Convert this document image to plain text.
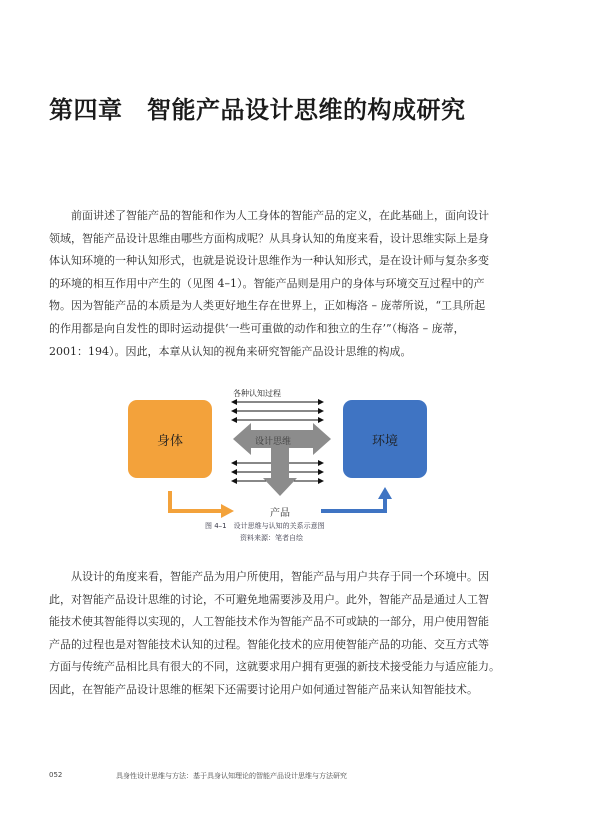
第四章　智能产品设计思维的构成研究
前面讲述了智能产品的智能和作为人工身体的智能产品的定义，在此基础上，面向设计
领域，智能产品设计思维由哪些方面构成呢？从具身认知的角度来看，设计思维实际上是身
体认知环境的一种认知形式，也就是说设计思维作为一种认知形式，是在设计师与复杂多变
的环境的相互作用中产生的（见图 4–1）。智能产品则是用户的身体与环境交互过程中的产
物。因为智能产品的本质是为人类更好地生存在世界上，正如梅洛 – 庞蒂所说，“工具所起
的作用都是向自发性的即时运动提供‘一些可重做的动作和独立的生存’”（梅洛 – 庞蒂，
2001：194）。因此，本章从认知的视角来研究智能产品设计思维的构成。
身体	环境
各种认知过程
设计思维
产品
图 4–1　设计思维与认知的关系示意图
资料来源：笔者自绘
从设计的角度来看，智能产品为用户所使用，智能产品与用户共存于同一个环境中。因
此，对智能产品设计思维的讨论，不可避免地需要涉及用户。此外，智能产品是通过人工智
能技术使其智能得以实现的，人工智能技术作为智能产品不可或缺的一部分，用户使用智能
产品的过程也是对智能技术认知的过程。智能化技术的应用使智能产品的功能、交互方式等
方面与传统产品相比具有很大的不同，这就要求用户拥有更强的新技术接受能力与适应能力。
因此，在智能产品设计思维的框架下还需要讨论用户如何通过智能产品来认知智能技术。
052	具身性设计思维与方法：基于具身认知理论的智能产品设计思维与方法研究
